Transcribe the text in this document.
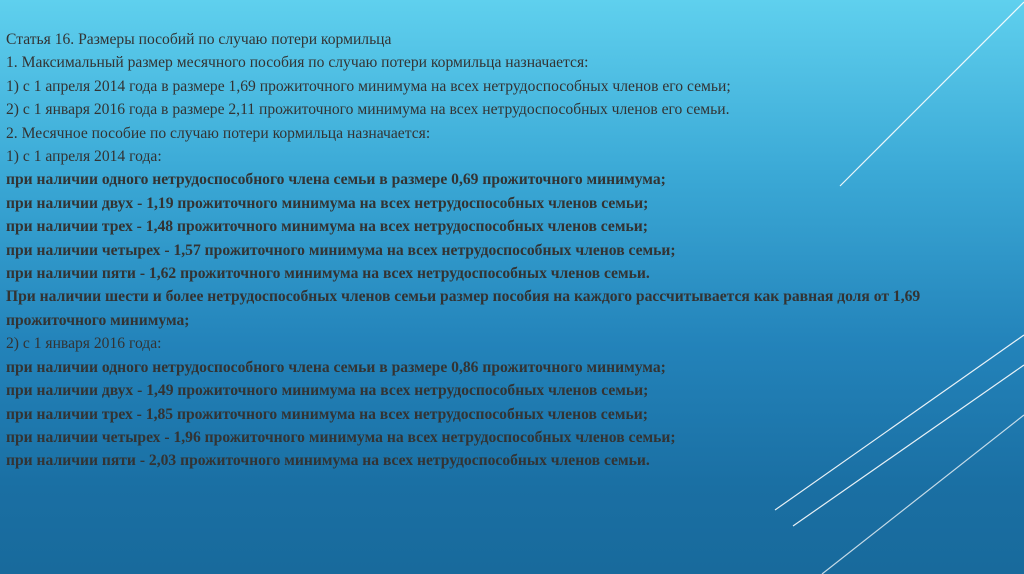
Статья 16. Размеры пособий по случаю потери кормильца
1. Максимальный размер месячного пособия по случаю потери кормильца назначается:
1) с 1 апреля 2014 года в размере 1,69 прожиточного минимума на всех нетрудоспособных членов его семьи;
2) с 1 января 2016 года в размере 2,11 прожиточного минимума на всех нетрудоспособных членов его семьи.
2. Месячное пособие по случаю потери кормильца назначается:
1) с 1 апреля 2014 года:
при наличии одного нетрудоспособного члена семьи в размере 0,69 прожиточного минимума;
при наличии двух - 1,19 прожиточного минимума на всех нетрудоспособных членов семьи;
при наличии трех - 1,48 прожиточного минимума на всех нетрудоспособных членов семьи;
при наличии четырех - 1,57 прожиточного минимума на всех нетрудоспособных членов семьи;
при наличии пяти - 1,62 прожиточного минимума на всех нетрудоспособных членов семьи.
При наличии шести и более нетрудоспособных членов семьи размер пособия на каждого рассчитывается как равная доля от 1,69 прожиточного минимума;
2) с 1 января 2016 года:
при наличии одного нетрудоспособного члена семьи в размере 0,86 прожиточного минимума;
при наличии двух - 1,49 прожиточного минимума на всех нетрудоспособных членов семьи;
при наличии трех - 1,85 прожиточного минимума на всех нетрудоспособных членов семьи;
при наличии четырех - 1,96 прожиточного минимума на всех нетрудоспособных членов семьи;
при наличии пяти - 2,03 прожиточного минимума на всех нетрудоспособных членов семьи.
